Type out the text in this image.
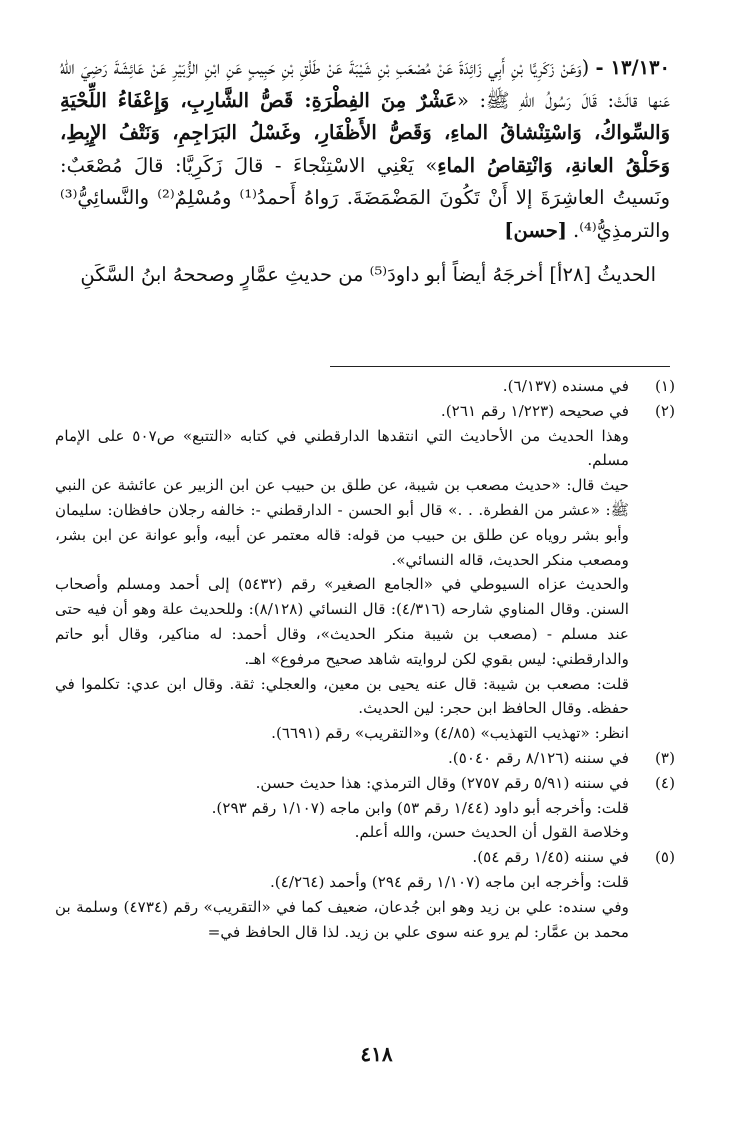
١٣/١٣٠ - (وَعَنْ زَكَرِيَّا بْنِ أَبِي زَائِدَةَ عَنْ مُصْعَبِ بْنِ شَيْبَةَ عَنْ طَلْقِ بْنِ حَبِيبٍ عَنِ ابْنِ الزُّبَيْرِ عَنْ عَائِشَةَ رَضِيَ اللهُ عَنها قالَتْ: قَالَ رَسُولُ اللهِ ﷺ: «عَشْرٌ مِنَ الفِطْرَةِ: قَصُّ الشَّارِبِ، وَإِعْفَاءُ اللِّحْيَةِ وَالسِّواكُ، وَاسْتِنْشاقُ الماءِ، وَقَصُّ الأَظْفَارِ، وغَسْلُ البَرَاجِمِ، وَنَتْفُ الإِبِطِ، وَحَلْقُ العانةِ، وَانْتِقاصُ الماءِ» يَعْنِي الاسْتِنْجاءَ - قالَ زَكَرِيَّا: قالَ مُصْعَبٌ: ونَسيتُ العاشِرَةَ إلا أَنْ تَكُونَ المَضْمَضَةَ. رَواهُ أَحمدُ⁽¹⁾ ومُسْلِمٌ⁽²⁾ والنَّسائِيُّ⁽³⁾ والترمذِيُّ⁽⁴⁾.[حسن]

الحديثُ [٢٨أ] أخرجَهُ أيضاً أبو داودَ⁽⁵⁾ من حديثِ عمَّارٍ وصححهُ ابنُ السَّكَنِ

(١)
في مسنده (٦/١٣٧).
(٢)
في صحيحه (١/٢٢٣ رقم ٢٦١).

وهذا الحديث من الأحاديث التي انتقدها الدارقطني في كتابه «التتبع» ص٥٠٧ على الإمام مسلم.

حيث قال: «حديث مصعب بن شيبة، عن طلق بن حبيب عن ابن الزبير عن عائشة عن النبي ﷺ: «عشر من الفطرة. . .» قال أبو الحسن - الدارقطني -: خالفه رجلان حافظان: سليمان وأبو بشر روياه عن طلق بن حبيب من قوله: قاله معتمر عن أبيه، وأبو عوانة عن ابن بشر، ومصعب منكر الحديث، قاله النسائي».

والحديث عزاه السيوطي في «الجامع الصغير» رقم (٥٤٣٢) إلى أحمد ومسلم وأصحاب السنن. وقال المناوي شارحه (٤/٣١٦): قال النسائي (٨/١٢٨): وللحديث علة وهو أن فيه حتى عند مسلم - (مصعب بن شيبة منكر الحديث»، وقال أحمد: له مناكير، وقال أبو حاتم والدارقطني: ليس بقوي لكن لروايته شاهد صحيح مرفوع» اهـ.

قلت: مصعب بن شيبة: قال عنه يحيى بن معين، والعجلي: ثقة. وقال ابن عدي: تكلموا في حفظه. وقال الحافظ ابن حجر: لين الحديث.

انظر: «تهذيب التهذيب» (٤/٨٥) و«التقريب» رقم (٦٦٩١).

(٣)
في سننه (٨/١٢٦ رقم ٥٠٤٠).
(٤)
في سننه (٥/٩١ رقم ٢٧٥٧) وقال الترمذي: هذا حديث حسن.

قلت: وأخرجه أبو داود (١/٤٤ رقم ٥٣) وابن ماجه (١/١٠٧ رقم ٢٩٣).

وخلاصة القول أن الحديث حسن، والله أعلم.

(٥)
في سننه (١/٤٥ رقم ٥٤).

قلت: وأخرجه ابن ماجه (١/١٠٧ رقم ٢٩٤) وأحمد (٤/٢٦٤).

وفي سنده: علي بن زيد وهو ابن جُدعان، ضعيف كما في «التقريب» رقم (٤٧٣٤) وسلمة بن محمد بن عمَّار: لم يرو عنه سوى علي بن زيد. لذا قال الحافظ في=

٤١٨
